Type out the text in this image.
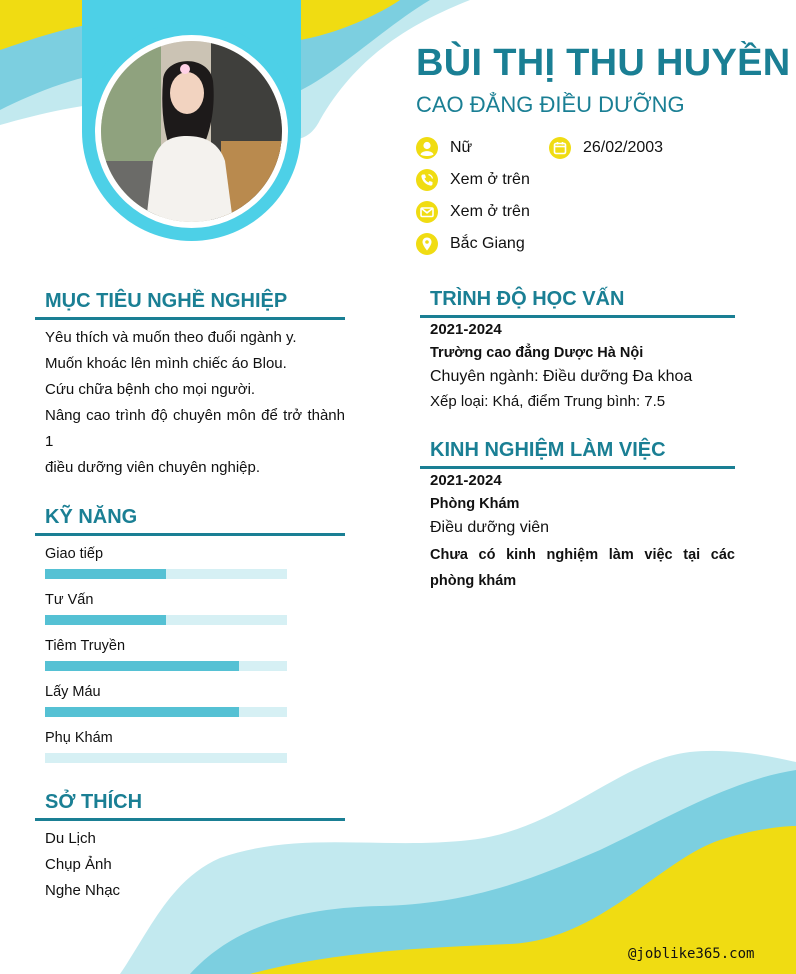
BÙI THỊ THU HUYỀN
CAO ĐẲNG ĐIỀU DƯỠNG
Nữ	26/02/2003
Xem ở trên
Xem ở trên
Bắc Giang
MỤC TIÊU NGHỀ NGHIỆP

Yêu thích và muốn theo đuổi ngành y.

Muốn khoác lên mình chiếc áo Blou.

Cứu chữa bệnh cho mọi người.

Nâng cao trình độ chuyên môn để trở thành 1

điều dưỡng viên chuyên nghiệp.

KỸ NĂNG
Giao tiếp
Tư Vấn
Tiêm Truyền
Lấy Máu
Phụ Khám
SỞ THÍCH

Du Lịch

Chụp Ảnh

Nghe Nhạc

TRÌNH ĐỘ HỌC VẤN
2021-2024
Trường cao đẳng Dược Hà Nội
Chuyên ngành: Điều dưỡng Đa khoa
Xếp loại: Khá, điểm Trung bình: 7.5
KINH NGHIỆM LÀM VIỆC
2021-2024
Phòng Khám
Điều dưỡng viên
Chưa có kinh nghiệm làm việc tại các phòng khám
@joblike365.com
